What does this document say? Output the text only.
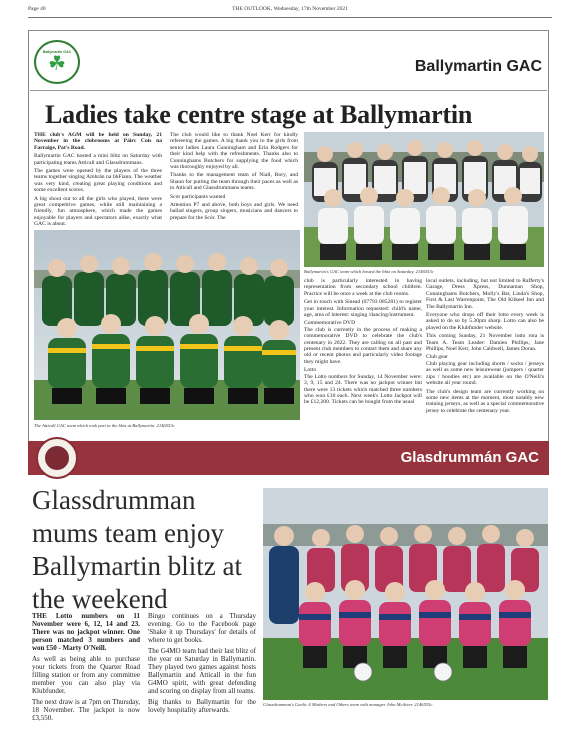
Page 40	THE OUTLOOK, Wednesday, 17th November 2021
Ballymartin GAC
☘	Ballymartin GAC
Ladies take centre stage at Ballymartin

THE club's AGM will be held on Sunday, 21 November in the clubrooms at Páirc Cois na Farraige, Pat's Road.

Ballymartin GAC hosted a mini blitz on Saturday with participating teams Atticall and Glassdrummans.

The games were opened by the players of the three teams together singing Amhrán na bhFiann. The weather was very kind, creating great playing conditions and some excellent scores.

A big shout out to all the girls who played, there were great competitive games, while still maintaining a friendly, fun atmosphere, which made the games enjoyable for players and spectators alike, exactly what GAC is about.

The club would like to thank Noel Kerr for kindly refereeing the games. A big thank you to the girls from senior ladies Laura Cunningham and Erin Rodgers for their kind help with the refreshments. Thanks also to Cunninghams Butchers for supplying the food which was thoroughly enjoyed by all.

Thanks to the management team of Niall, Rory, and Shaun for putting the team through their paces as well as to Atticall and Glassdrummans teams.

Scor participants wanted

Attention P7 and above, both boys and girls. We need ballad singers, group singers, musicians and dancers to prepare for the Scór. The

The Atticall GAC team which took part in the blitz at Ballymartin. 2146553c
Ballymartin's GAC team which hosted the blitz on Saturday. 2146553c

club is particularly interested in having representation from secondary school children. Practice will be once a week at the club rooms.

Get in touch with Sinead (07793 085281) to register your interest. Information requested: child's name, age, area of interest: singing /dancing/instrument.

Commemorative DVD

The club is currently in the process of making a commemorative DVD to celebrate the club's centenary in 2022. They are calling on all past and present club members to contact them and share any old or recent photos and particularly video footage they might have.

Lotto

The Lotto numbers for Sunday, 14 November were: 3, 9, 15 and 24. There was no jackpot winner but there were 13 tickets which matched three numbers who won £10 each. Next week's Lotto Jackpot will be £12,200. Tickets can be bought from the usual

local outlets, including, but not limited to Rafferty's Garage, Dress Xpress, Dunnaman Shop, Cunninghams Butchers, Molly's Bar, Linda's Shop, First & Last Warrenpoint, The Old Kilkeel Inn and The Ballymartin Inn.

Everyone who drops off their lotto every week is asked to do so by 5.30pm sharp. Lotto can also be played on the Klubfunder website.

This coming Sunday, 21 November lotto rota is Team A. Team Leader: Damien Phillips, Jane Phillips, Noel Kerr, John Caldwell, James Doran.

Club gear

Club playing gear including shorts / socks / jerseys as well as some new leisurewear (jumpers / quarter zips / hoodies etc) are available on the O'Neill's website all year round.

The club's design team are currently working on some new items at the moment, most notably new training jerseys, as well as a special commemorative jersey to celebrate the centenary year.

Glasdrummán GAC
Glassdrumman mums team enjoy Ballymartin blitz at the weekend

THE Lotto numbers on 11 November were 6, 12, 14 and 23. There was no jackpot winner. One person matched 3 numbers and won £50 - Marty O'Neill.

As well as being able to purchase your tickets from the Quarter Road filling station or from any committee member you can also play via Klubfunder.

The next draw is at 7pm on Thursday, 18 November. The jackpot is now £3,550.

Bingo continues on a Thursday evening. Go to the Facebook page 'Shake it up Thursdays' for details of where to get books.

The G4MO team had their last blitz of the year on Saturday in Ballymartin. They played two games against hosts Ballymartin and Atticall in the fun G4MO spirit, with great defending and scoring on display from all teams.

Big thanks to Ballymartin for the lovely hospitality afterwards.

Glassdrumman's Gaelic 4 Mothers and Others team with manager John McAteer. 2146555c
